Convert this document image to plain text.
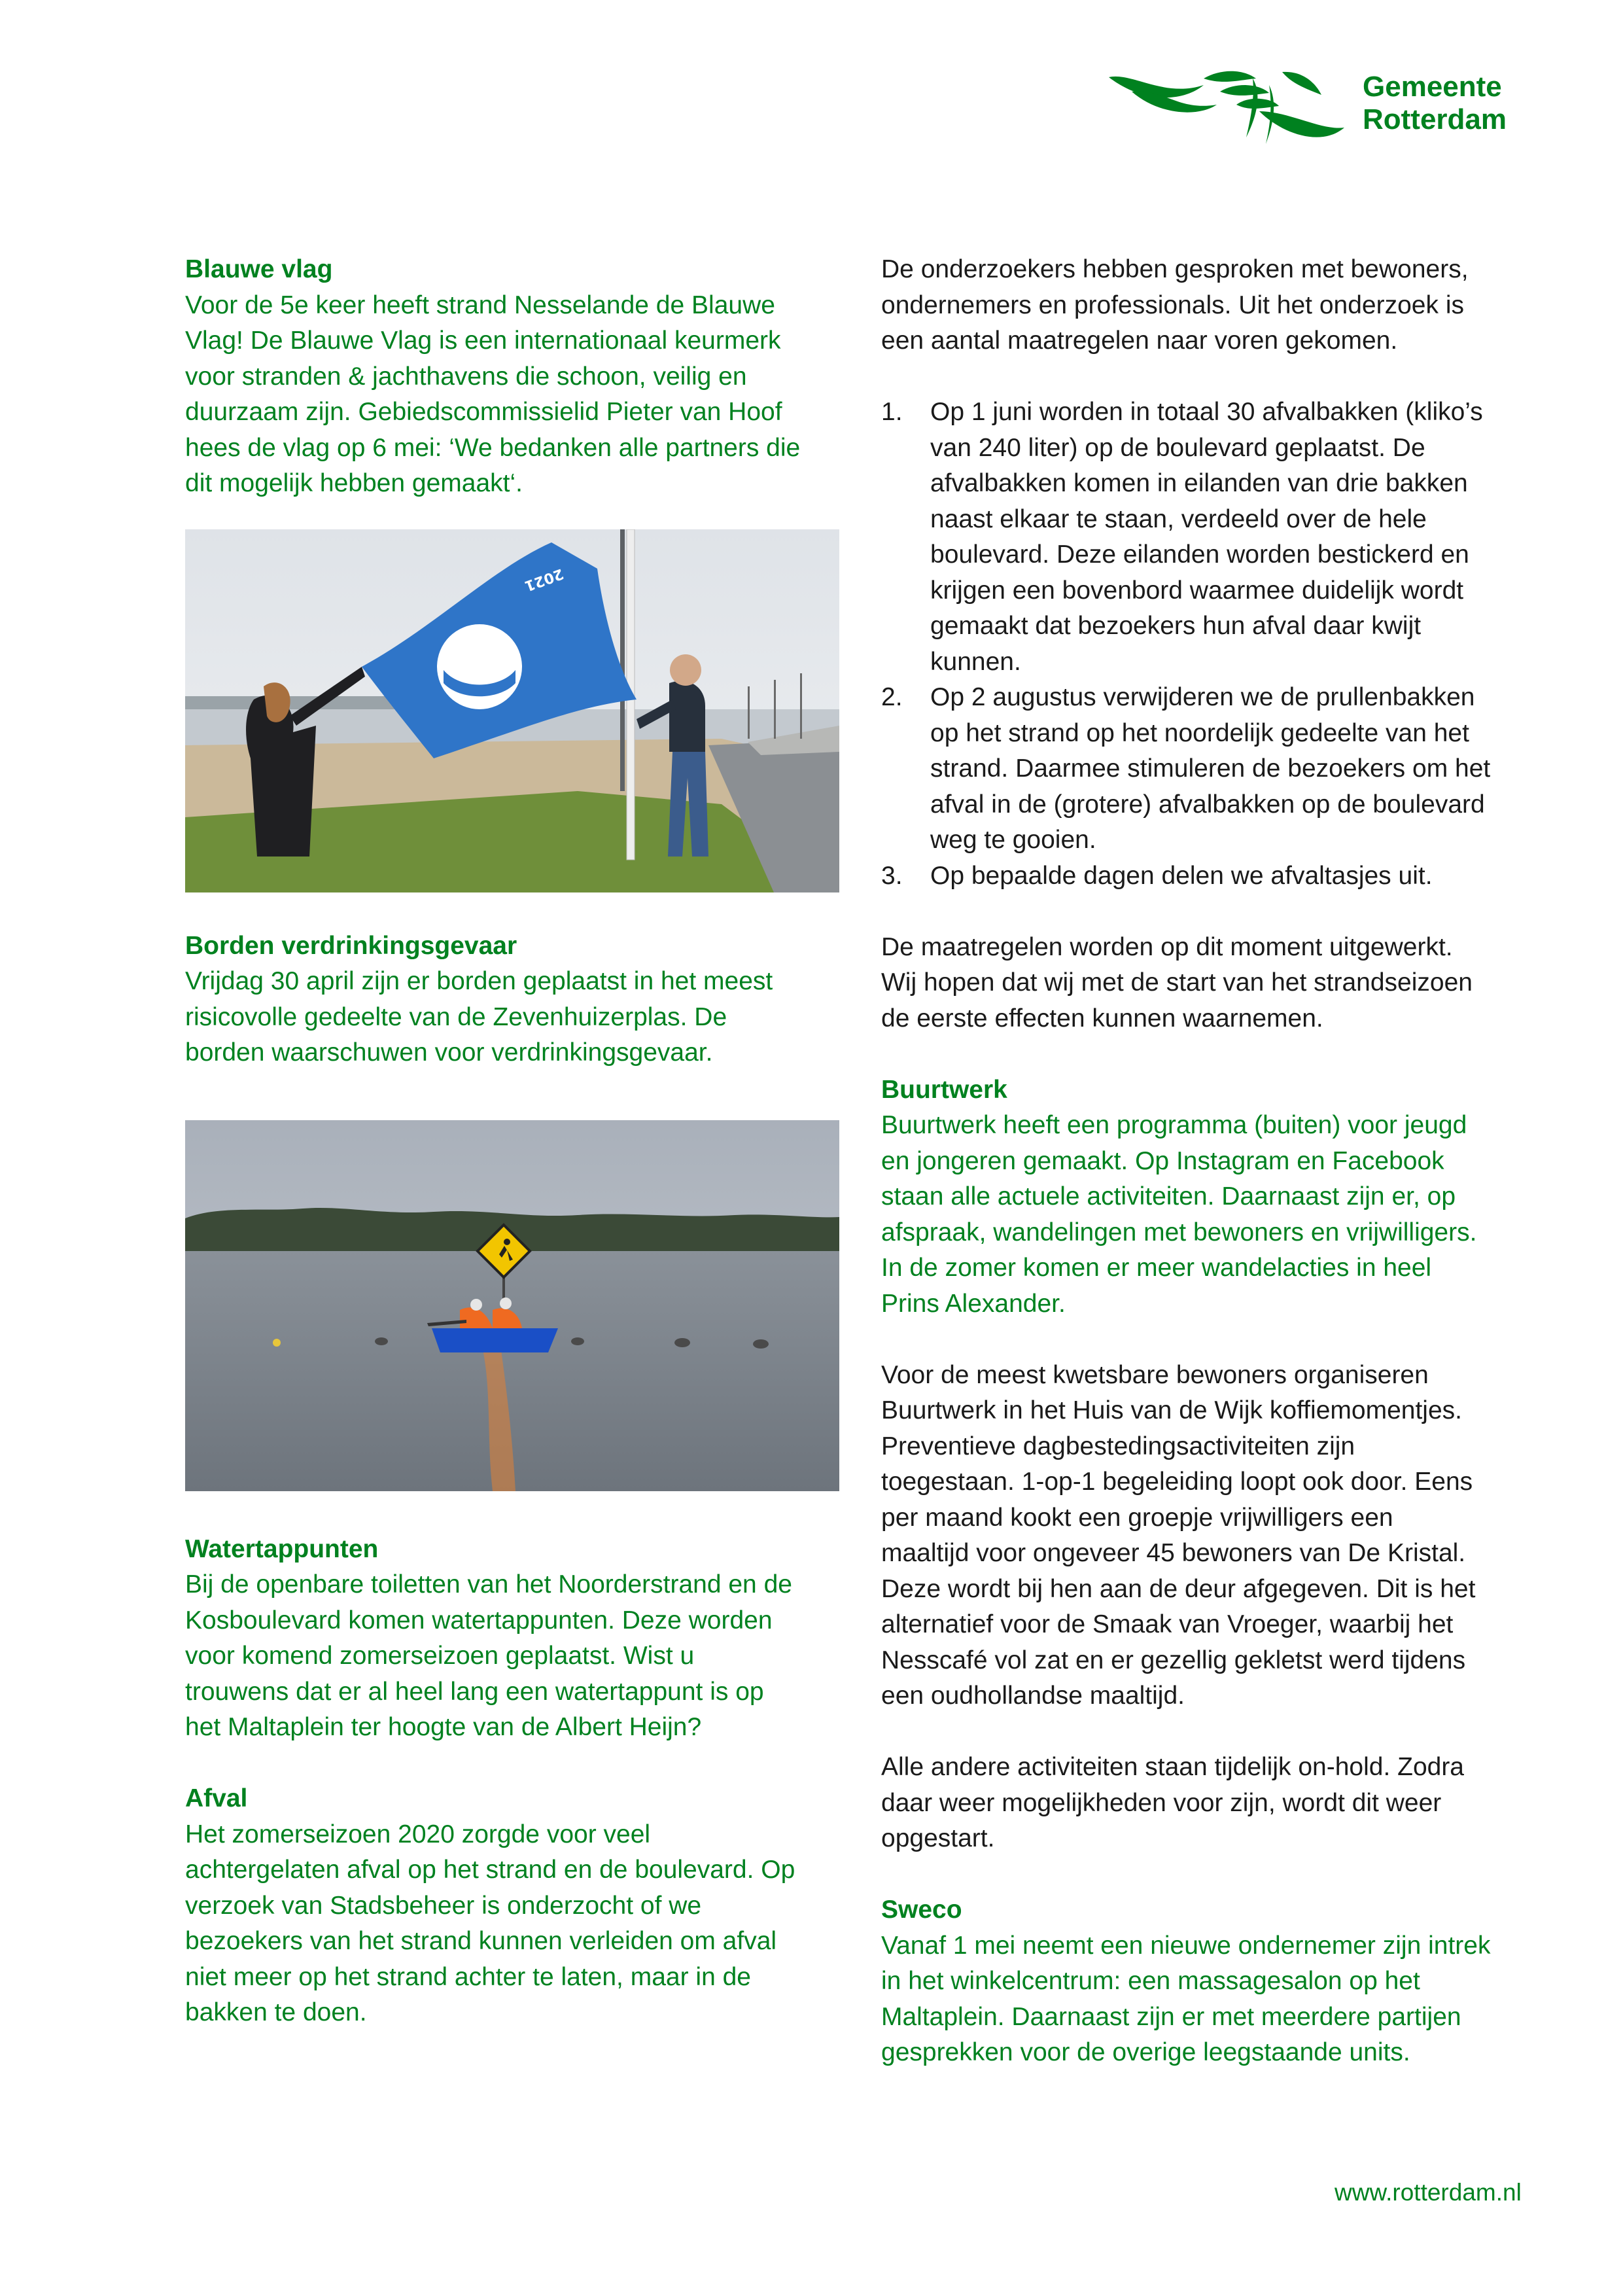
Gemeente
Rotterdam

Blauwe vlag

Voor de 5e keer heeft strand Nesselande de Blauwe
Vlag! De Blauwe Vlag is een internationaal keurmerk
voor stranden & jachthavens die schoon, veilig en
duurzaam zijn. Gebiedscommissielid Pieter van Hoof
hees de vlag op 6 mei: ‘We bedanken alle partners die
dit mogelijk hebben gemaakt‘.
2021

Borden verdrinkingsgevaar

Vrijdag 30 april zijn er borden geplaatst in het meest
risicovolle gedeelte van de Zevenhuizerplas. De
borden waarschuwen voor verdrinkingsgevaar.

Watertappunten

Bij de openbare toiletten van het Noorderstrand en de
Kosboulevard komen watertappunten. Deze worden
voor komend zomerseizoen geplaatst. Wist u
trouwens dat er al heel lang een watertappunt is op
het Maltaplein ter hoogte van de Albert Heijn?

Afval

Het zomerseizoen 2020 zorgde voor veel
achtergelaten afval op het strand en de boulevard. Op
verzoek van Stadsbeheer is onderzocht of we
bezoekers van het strand kunnen verleiden om afval
niet meer op het strand achter te laten, maar in de
bakken te doen.
De onderzoekers hebben gesproken met bewoners,
ondernemers en professionals. Uit het onderzoek is
een aantal maatregelen naar voren gekomen.
1. Op 1 juni worden in totaal 30 afvalbakken (kliko’s
van 240 liter) op de boulevard geplaatst. De
afvalbakken komen in eilanden van drie bakken
naast elkaar te staan, verdeeld over de hele
boulevard. Deze eilanden worden bestickerd en
krijgen een bovenbord waarmee duidelijk wordt
gemaakt dat bezoekers hun afval daar kwijt
kunnen.
2. Op 2 augustus verwijderen we de prullenbakken
op het strand op het noordelijk gedeelte van het
strand. Daarmee stimuleren de bezoekers om het
afval in de (grotere) afvalbakken op de boulevard
weg te gooien.
3. Op bepaalde dagen delen we afvaltasjes uit.
De maatregelen worden op dit moment uitgewerkt.
Wij hopen dat wij met de start van het strandseizoen
de eerste effecten kunnen waarnemen.

Buurtwerk

Buurtwerk heeft een programma (buiten) voor jeugd
en jongeren gemaakt. Op Instagram en Facebook
staan alle actuele activiteiten. Daarnaast zijn er, op
afspraak, wandelingen met bewoners en vrijwilligers.
In de zomer komen er meer wandelacties in heel
Prins Alexander.
Voor de meest kwetsbare bewoners organiseren
Buurtwerk in het Huis van de Wijk koffiemomentjes.
Preventieve dagbestedingsactiviteiten zijn
toegestaan. 1-op-1 begeleiding loopt ook door. Eens
per maand kookt een groepje vrijwilligers een
maaltijd voor ongeveer 45 bewoners van De Kristal.
Deze wordt bij hen aan de deur afgegeven. Dit is het
alternatief voor de Smaak van Vroeger, waarbij het
Nesscafé vol zat en er gezellig gekletst werd tijdens
een oudhollandse maaltijd.
Alle andere activiteiten staan tijdelijk on-hold. Zodra
daar weer mogelijkheden voor zijn, wordt dit weer
opgestart.

Sweco

Vanaf 1 mei neemt een nieuwe ondernemer zijn intrek
in het winkelcentrum: een massagesalon op het
Maltaplein. Daarnaast zijn er met meerdere partijen
gesprekken voor de overige leegstaande units.
www.rotterdam.nl
